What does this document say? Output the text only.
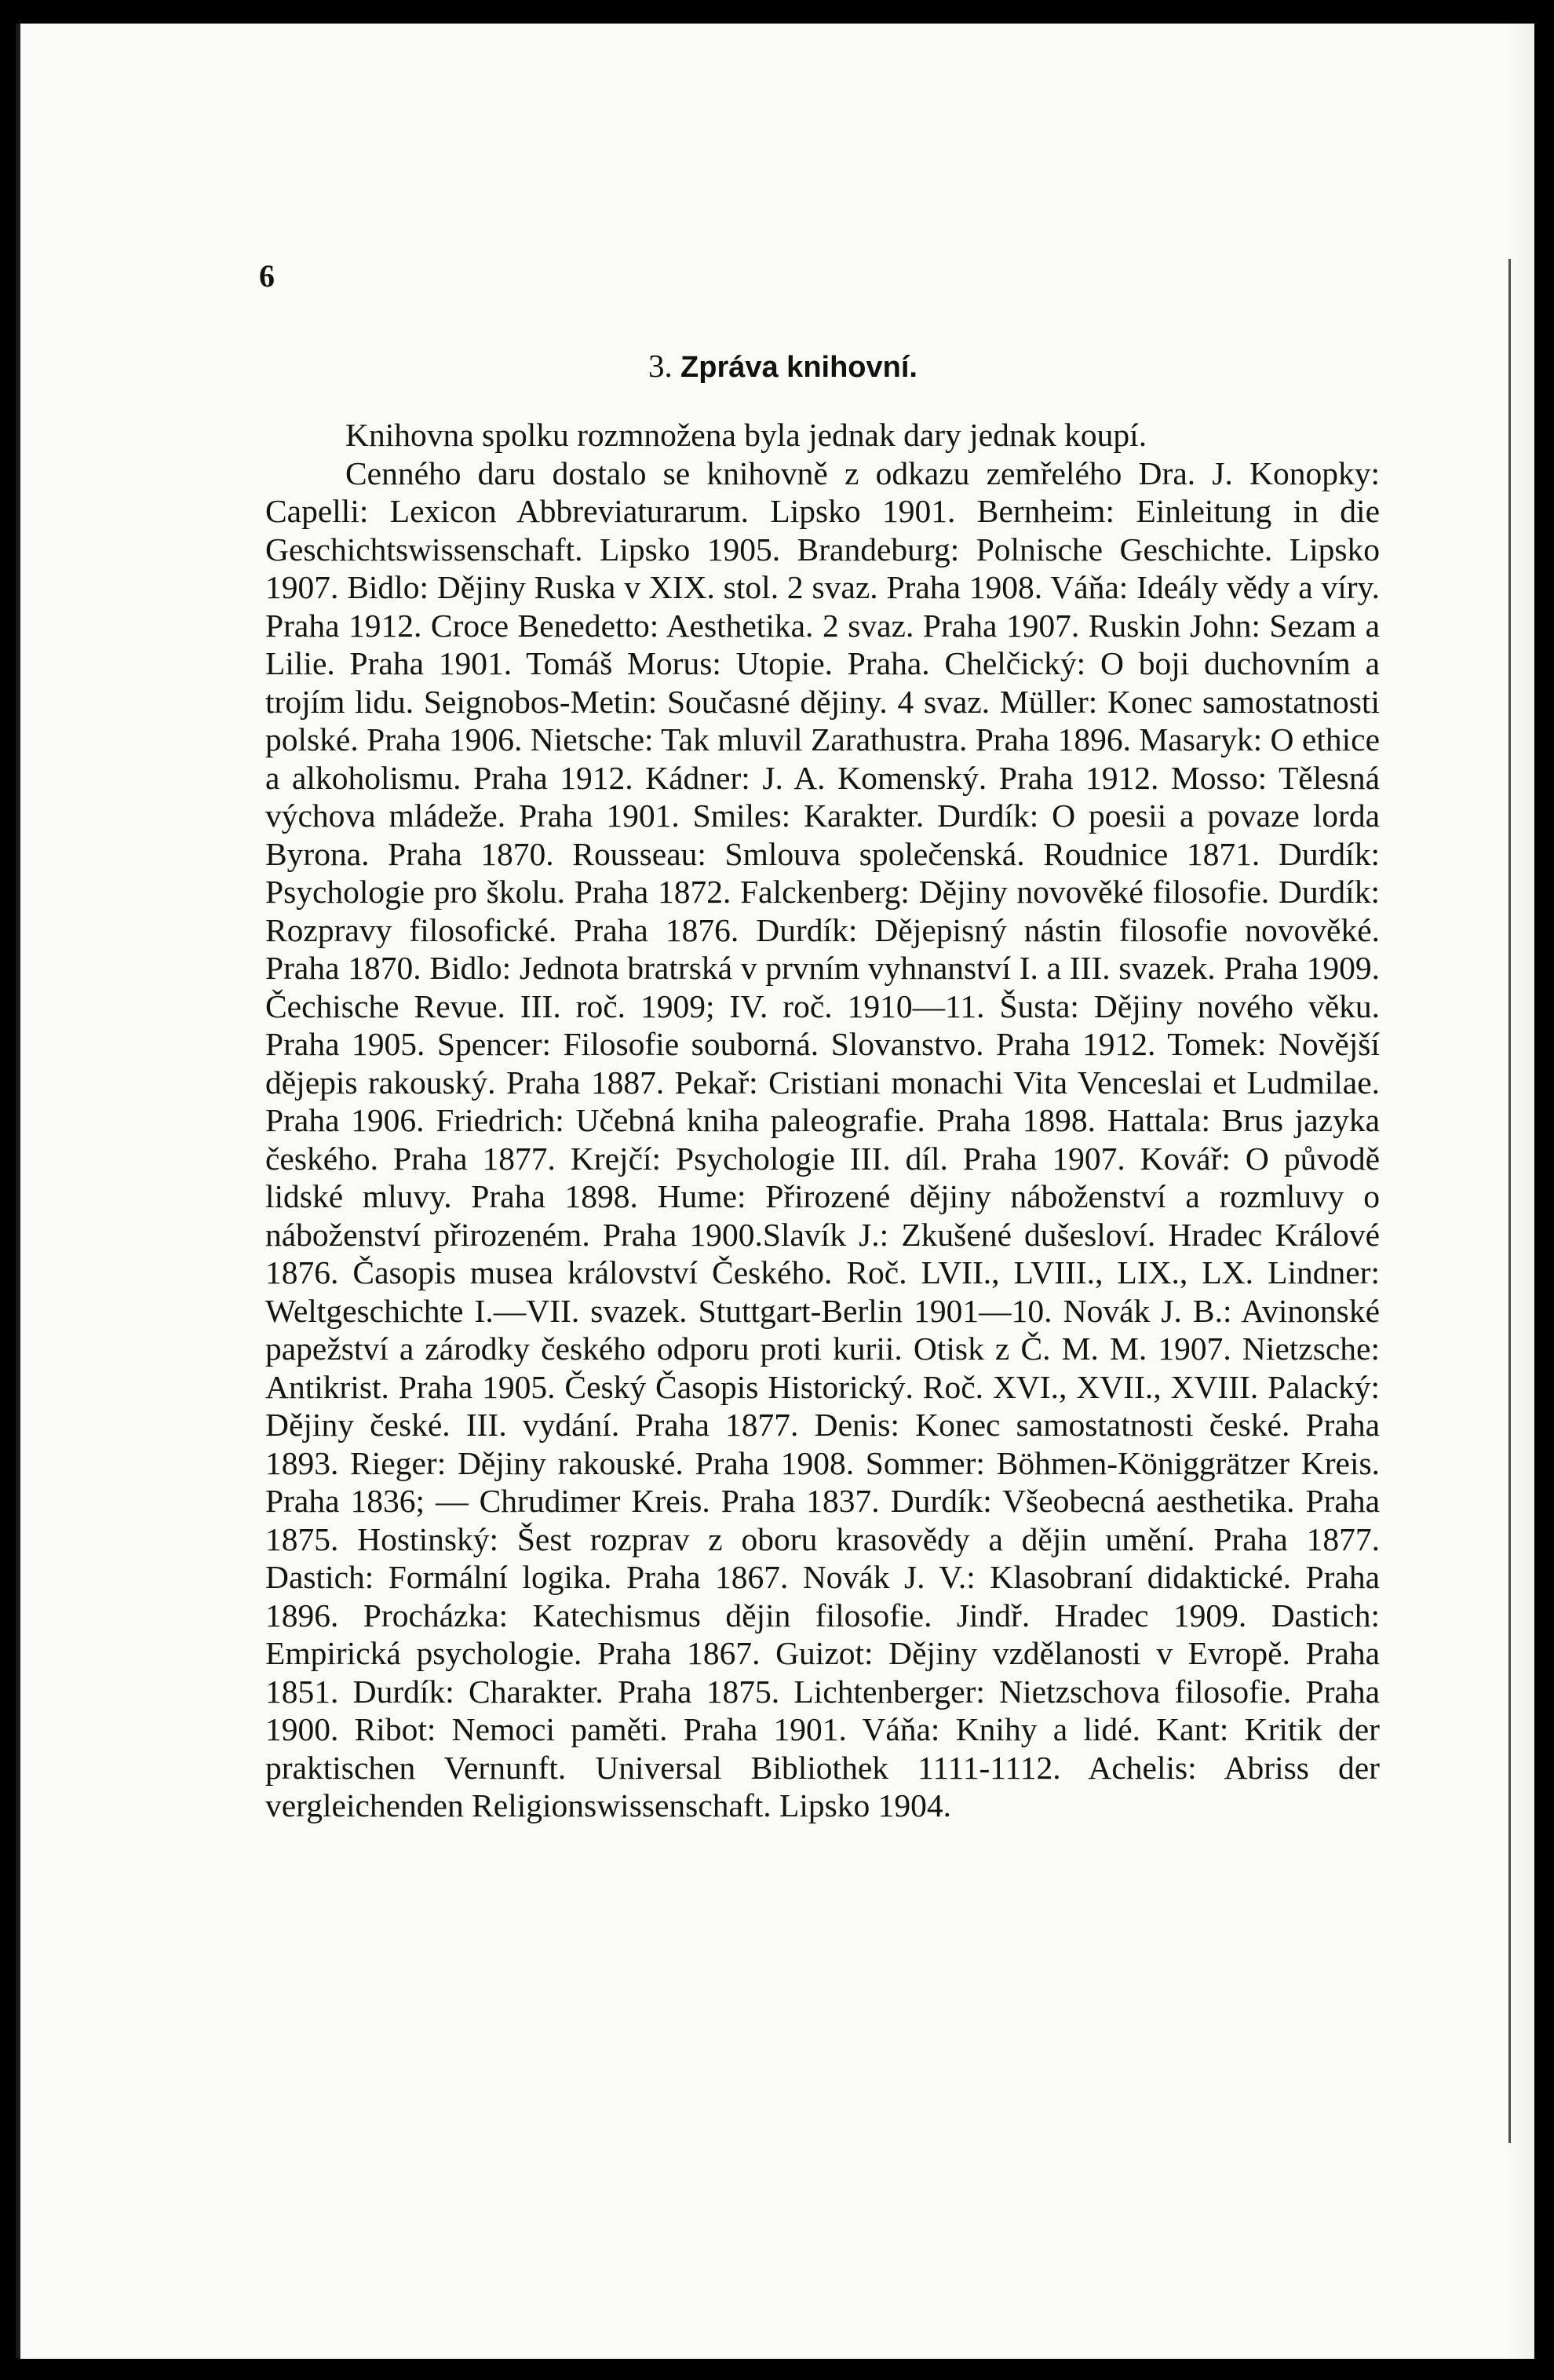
6
3. Zpráva knihovní.

Knihovna spolku rozmnožena byla jednak dary jednak koupí.

Cenného daru dostalo se knihovně z odkazu zemřelého Dra. J. Konopky: Capelli: Lexicon Abbreviaturarum. Lipsko 1901. Bernheim: Einleitung in die Geschichtswissenschaft. Lipsko 1905. Brandeburg: Polnische Geschichte. Lipsko 1907. Bidlo: Dějiny Ruska v XIX. stol. 2 svaz. Praha 1908. Váňa: Ideály vědy a víry. Praha 1912. Croce Benedetto: Aesthetika. 2 svaz. Praha 1907. Ruskin John: Sezam a Lilie. Praha 1901. Tomáš Morus: Utopie. Praha. Chelčický: O boji duchovním a trojím lidu. Seignobos-Metin: Současné dějiny. 4 svaz. Müller: Konec samostatnosti polské. Praha 1906. Nietsche: Tak mluvil Zarathustra. Praha 1896. Masaryk: O ethice a alkoholismu. Praha 1912. Kádner: J. A. Komenský. Praha 1912. Mosso: Tělesná výchova mládeže. Praha 1901. Smiles: Karakter. Durdík: O poesii a povaze lorda Byrona. Praha 1870. Rousseau: Smlouva společenská. Roudnice 1871. Durdík: Psychologie pro školu. Praha 1872. Falckenberg: Dějiny novověké filosofie. Durdík: Rozpravy filosofické. Praha 1876. Durdík: Dějepisný nástin filosofie novověké. Praha 1870. Bidlo: Jednota bratrská v prvním vyhnanství I. a III. svazek. Praha 1909. Čechische Revue. III. roč. 1909; IV. roč. 1910—11. Šusta: Dějiny nového věku. Praha 1905. Spencer: Filosofie souborná. Slovanstvo. Praha 1912. Tomek: Novější dějepis rakouský. Praha 1887. Pekař: Cristiani monachi Vita Venceslai et Ludmilae. Praha 1906. Friedrich: Učebná kniha paleografie. Praha 1898. Hattala: Brus jazyka českého. Praha 1877. Krejčí: Psychologie III. díl. Praha 1907. Kovář: O původě lidské mluvy. Praha 1898. Hume: Přirozené dějiny náboženství a rozmluvy o náboženství přirozeném. Praha 1900.Slavík J.: Zkušené dušesloví. Hradec Králové 1876. Časopis musea království Českého. Roč. LVII., LVIII., LIX., LX. Lindner: Weltgeschichte I.—VII. svazek. Stuttgart-Berlin 1901—10. Novák J. B.: Avinonské papežství a zárodky českého odporu proti kurii. Otisk z Č. M. M. 1907. Nietzsche: Antikrist. Praha 1905. Český Časopis Historický. Roč. XVI., XVII., XVIII. Palacký: Dějiny české. III. vydání. Praha 1877. Denis: Konec samostatnosti české. Praha 1893. Rieger: Dějiny rakouské. Praha 1908. Sommer: Böhmen-Königgrätzer Kreis. Praha 1836; — Chrudimer Kreis. Praha 1837. Durdík: Všeobecná aesthetika. Praha 1875. Hostinský: Šest rozprav z oboru krasovědy a dějin umění. Praha 1877. Dastich: Formální logika. Praha 1867. Novák J. V.: Klasobraní didaktické. Praha 1896. Procházka: Katechismus dějin filosofie. Jindř. Hradec 1909. Dastich: Empirická psychologie. Praha 1867. Guizot: Dějiny vzdělanosti v Evropě. Praha 1851. Durdík: Charakter. Praha 1875. Lichtenberger: Nietzschova filosofie. Praha 1900. Ribot: Nemoci paměti. Praha 1901. Váňa: Knihy a lidé. Kant: Kritik der praktischen Vernunft. Universal Bibliothek 1111-1112. Achelis: Abriss der vergleichenden Religionswissenschaft. Lipsko 1904.
